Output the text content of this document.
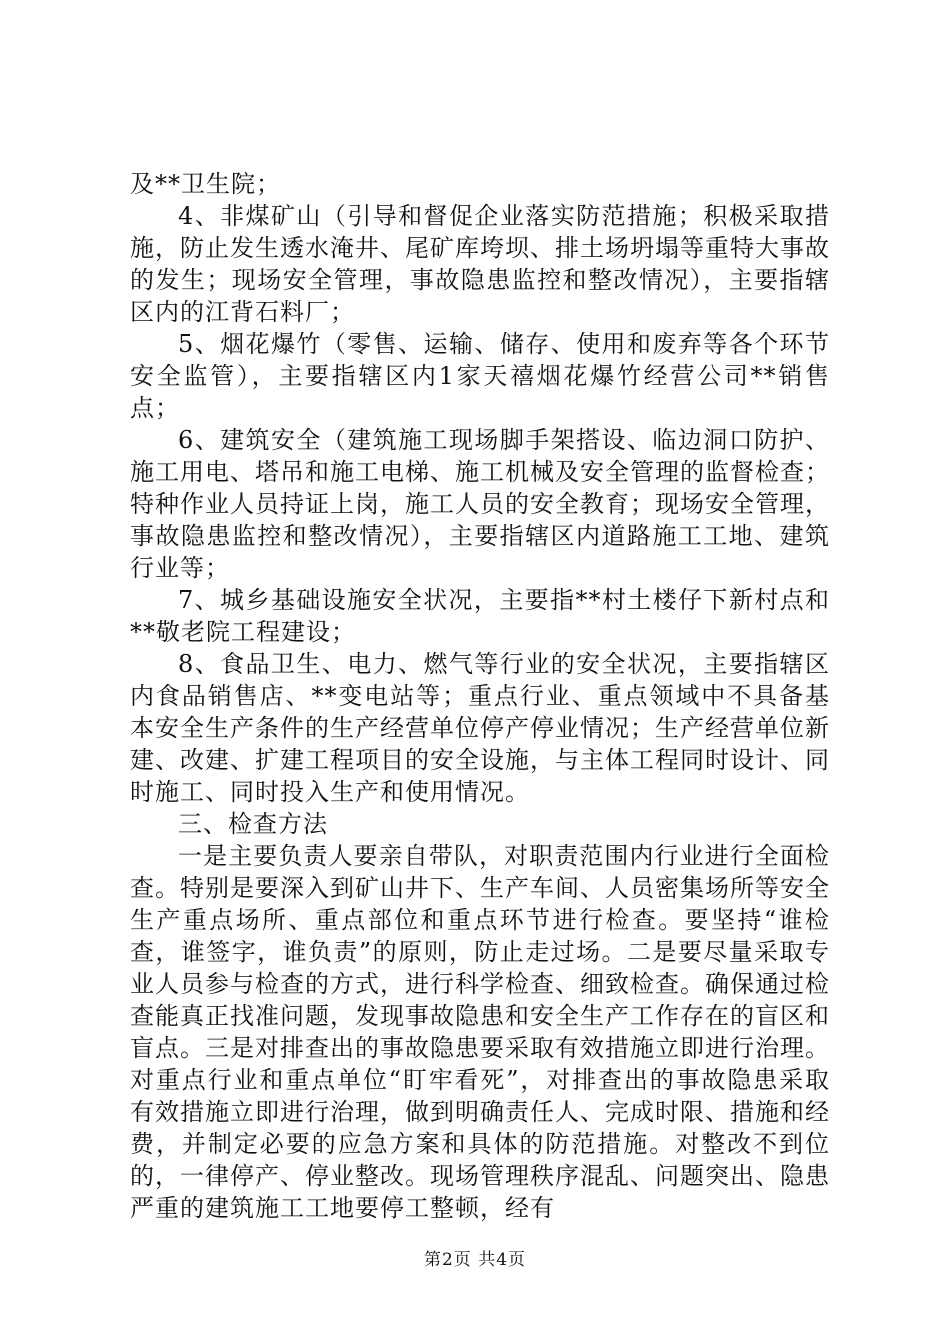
及**卫生院；

4、非煤矿山（引导和督促企业落实防范措施；积极采取措施，防止发生透水淹井、尾矿库垮坝、排土场坍塌等重特大事故的发生；现场安全管理，事故隐患监控和整改情况），主要指辖区内的江背石料厂；

5、烟花爆竹（零售、运输、储存、使用和废弃等各个环节安全监管），主要指辖区内1家天禧烟花爆竹经营公司**销售点；

6、建筑安全（建筑施工现场脚手架搭设、临边洞口防护、施工用电、塔吊和施工电梯、施工机械及安全管理的监督检查；特种作业人员持证上岗，施工人员的安全教育；现场安全管理，事故隐患监控和整改情况），主要指辖区内道路施工工地、建筑行业等；

7、城乡基础设施安全状况，主要指**村土楼仔下新村点和**敬老院工程建设；

8、食品卫生、电力、燃气等行业的安全状况，主要指辖区内食品销售店、**变电站等；重点行业、重点领域中不具备基本安全生产条件的生产经营单位停产停业情况；生产经营单位新建、改建、扩建工程项目的安全设施，与主体工程同时设计、同时施工、同时投入生产和使用情况。

三、检查方法

一是主要负责人要亲自带队，对职责范围内行业进行全面检查。特别是要深入到矿山井下、生产车间、人员密集场所等安全生产重点场所、重点部位和重点环节进行检查。要坚持“谁检查，谁签字，谁负责”的原则，防止走过场。二是要尽量采取专业人员参与检查的方式，进行科学检查、细致检查。确保通过检查能真正找准问题，发现事故隐患和安全生产工作存在的盲区和盲点。三是对排查出的事故隐患要采取有效措施立即进行治理。对重点行业和重点单位“盯牢看死”，对排查出的事故隐患采取有效措施立即进行治理，做到明确责任人、完成时限、措施和经费，并制定必要的应急方案和具体的防范措施。对整改不到位的，一律停产、停业整改。现场管理秩序混乱、问题突出、隐患严重的建筑施工工地要停工整顿，经有

第2页 共4页
